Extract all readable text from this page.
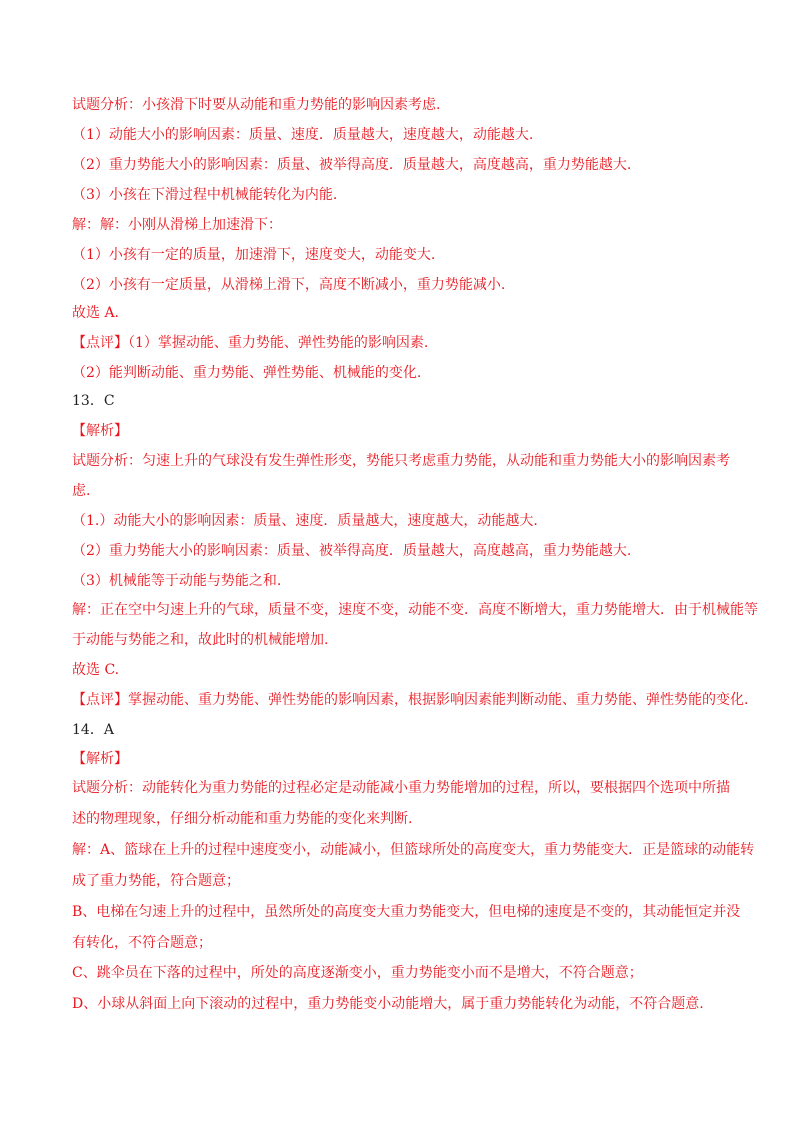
试题分析：小孩滑下时要从动能和重力势能的影响因素考虑.
（1）动能大小的影响因素：质量、速度．质量越大，速度越大，动能越大.
（2）重力势能大小的影响因素：质量、被举得高度．质量越大，高度越高，重力势能越大.
（3）小孩在下滑过程中机械能转化为内能.
解：解：小刚从滑梯上加速滑下：
（1）小孩有一定的质量，加速滑下，速度变大，动能变大.
（2）小孩有一定质量，从滑梯上滑下，高度不断减小，重力势能减小.
故选 A.
【点评】（1）掌握动能、重力势能、弹性势能的影响因素.
（2）能判断动能、重力势能、弹性势能、机械能的变化.
13．C
【解析】
试题分析：匀速上升的气球没有发生弹性形变，势能只考虑重力势能，从动能和重力势能大小的影响因素考
虑.
（1.）动能大小的影响因素：质量、速度．质量越大，速度越大，动能越大.
（2）重力势能大小的影响因素：质量、被举得高度．质量越大，高度越高，重力势能越大.
（3）机械能等于动能与势能之和.
解：正在空中匀速上升的气球，质量不变，速度不变，动能不变．高度不断增大，重力势能增大．由于机械能等
于动能与势能之和，故此时的机械能增加.
故选 C.
【点评】掌握动能、重力势能、弹性势能的影响因素，根据影响因素能判断动能、重力势能、弹性势能的变化.
14．A
【解析】
试题分析：动能转化为重力势能的过程必定是动能减小重力势能增加的过程，所以，要根据四个选项中所描
述的物理现象，仔细分析动能和重力势能的变化来判断.
解：A、篮球在上升的过程中速度变小，动能减小，但篮球所处的高度变大，重力势能变大．正是篮球的动能转
成了重力势能，符合题意；
B、电梯在匀速上升的过程中，虽然所处的高度变大重力势能变大，但电梯的速度是不变的，其动能恒定并没
有转化，不符合题意；
C、跳伞员在下落的过程中，所处的高度逐渐变小，重力势能变小而不是增大，不符合题意；
D、小球从斜面上向下滚动的过程中，重力势能变小动能增大，属于重力势能转化为动能，不符合题意.
